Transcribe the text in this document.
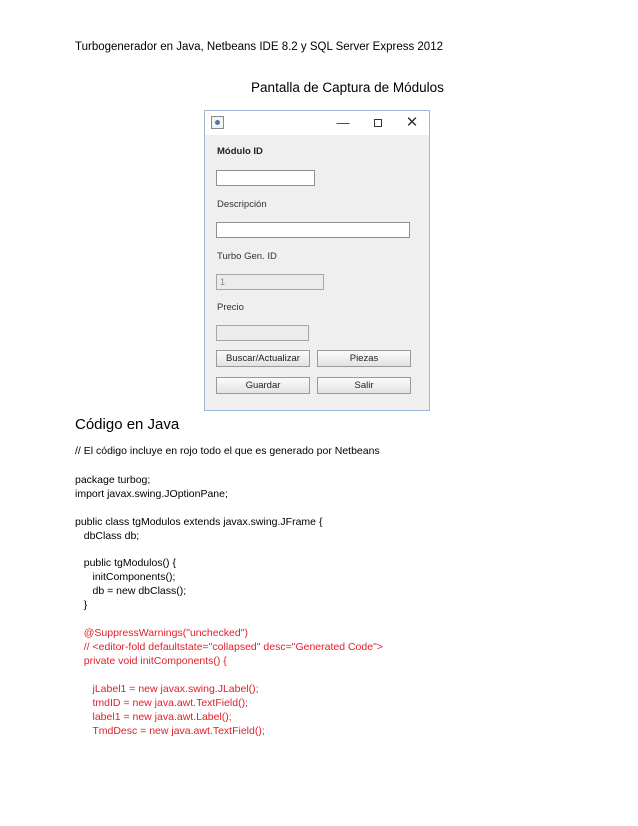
Turbogenerador en Java, Netbeans IDE 8.2 y SQL Server Express 2012
Pantalla de Captura de Módulos
—	✕
Módulo ID
Descripción
Turbo Gen. ID
1
Precio
Buscar/Actualizar	Piezas
Guardar	Salir
Código en Java
// El código incluye en rojo todo el que es generado por Netbeans
package turbog;
import javax.swing.JOptionPane;
public class tgModulos extends javax.swing.JFrame {
dbClass db;
public tgModulos() {
initComponents();
db = new dbClass();
}
@SuppressWarnings("unchecked")
// <editor-fold defaultstate="collapsed" desc="Generated Code">
private void initComponents() {
jLabel1 = new javax.swing.JLabel();
tmdID = new java.awt.TextField();
label1 = new java.awt.Label();
TmdDesc = new java.awt.TextField();
